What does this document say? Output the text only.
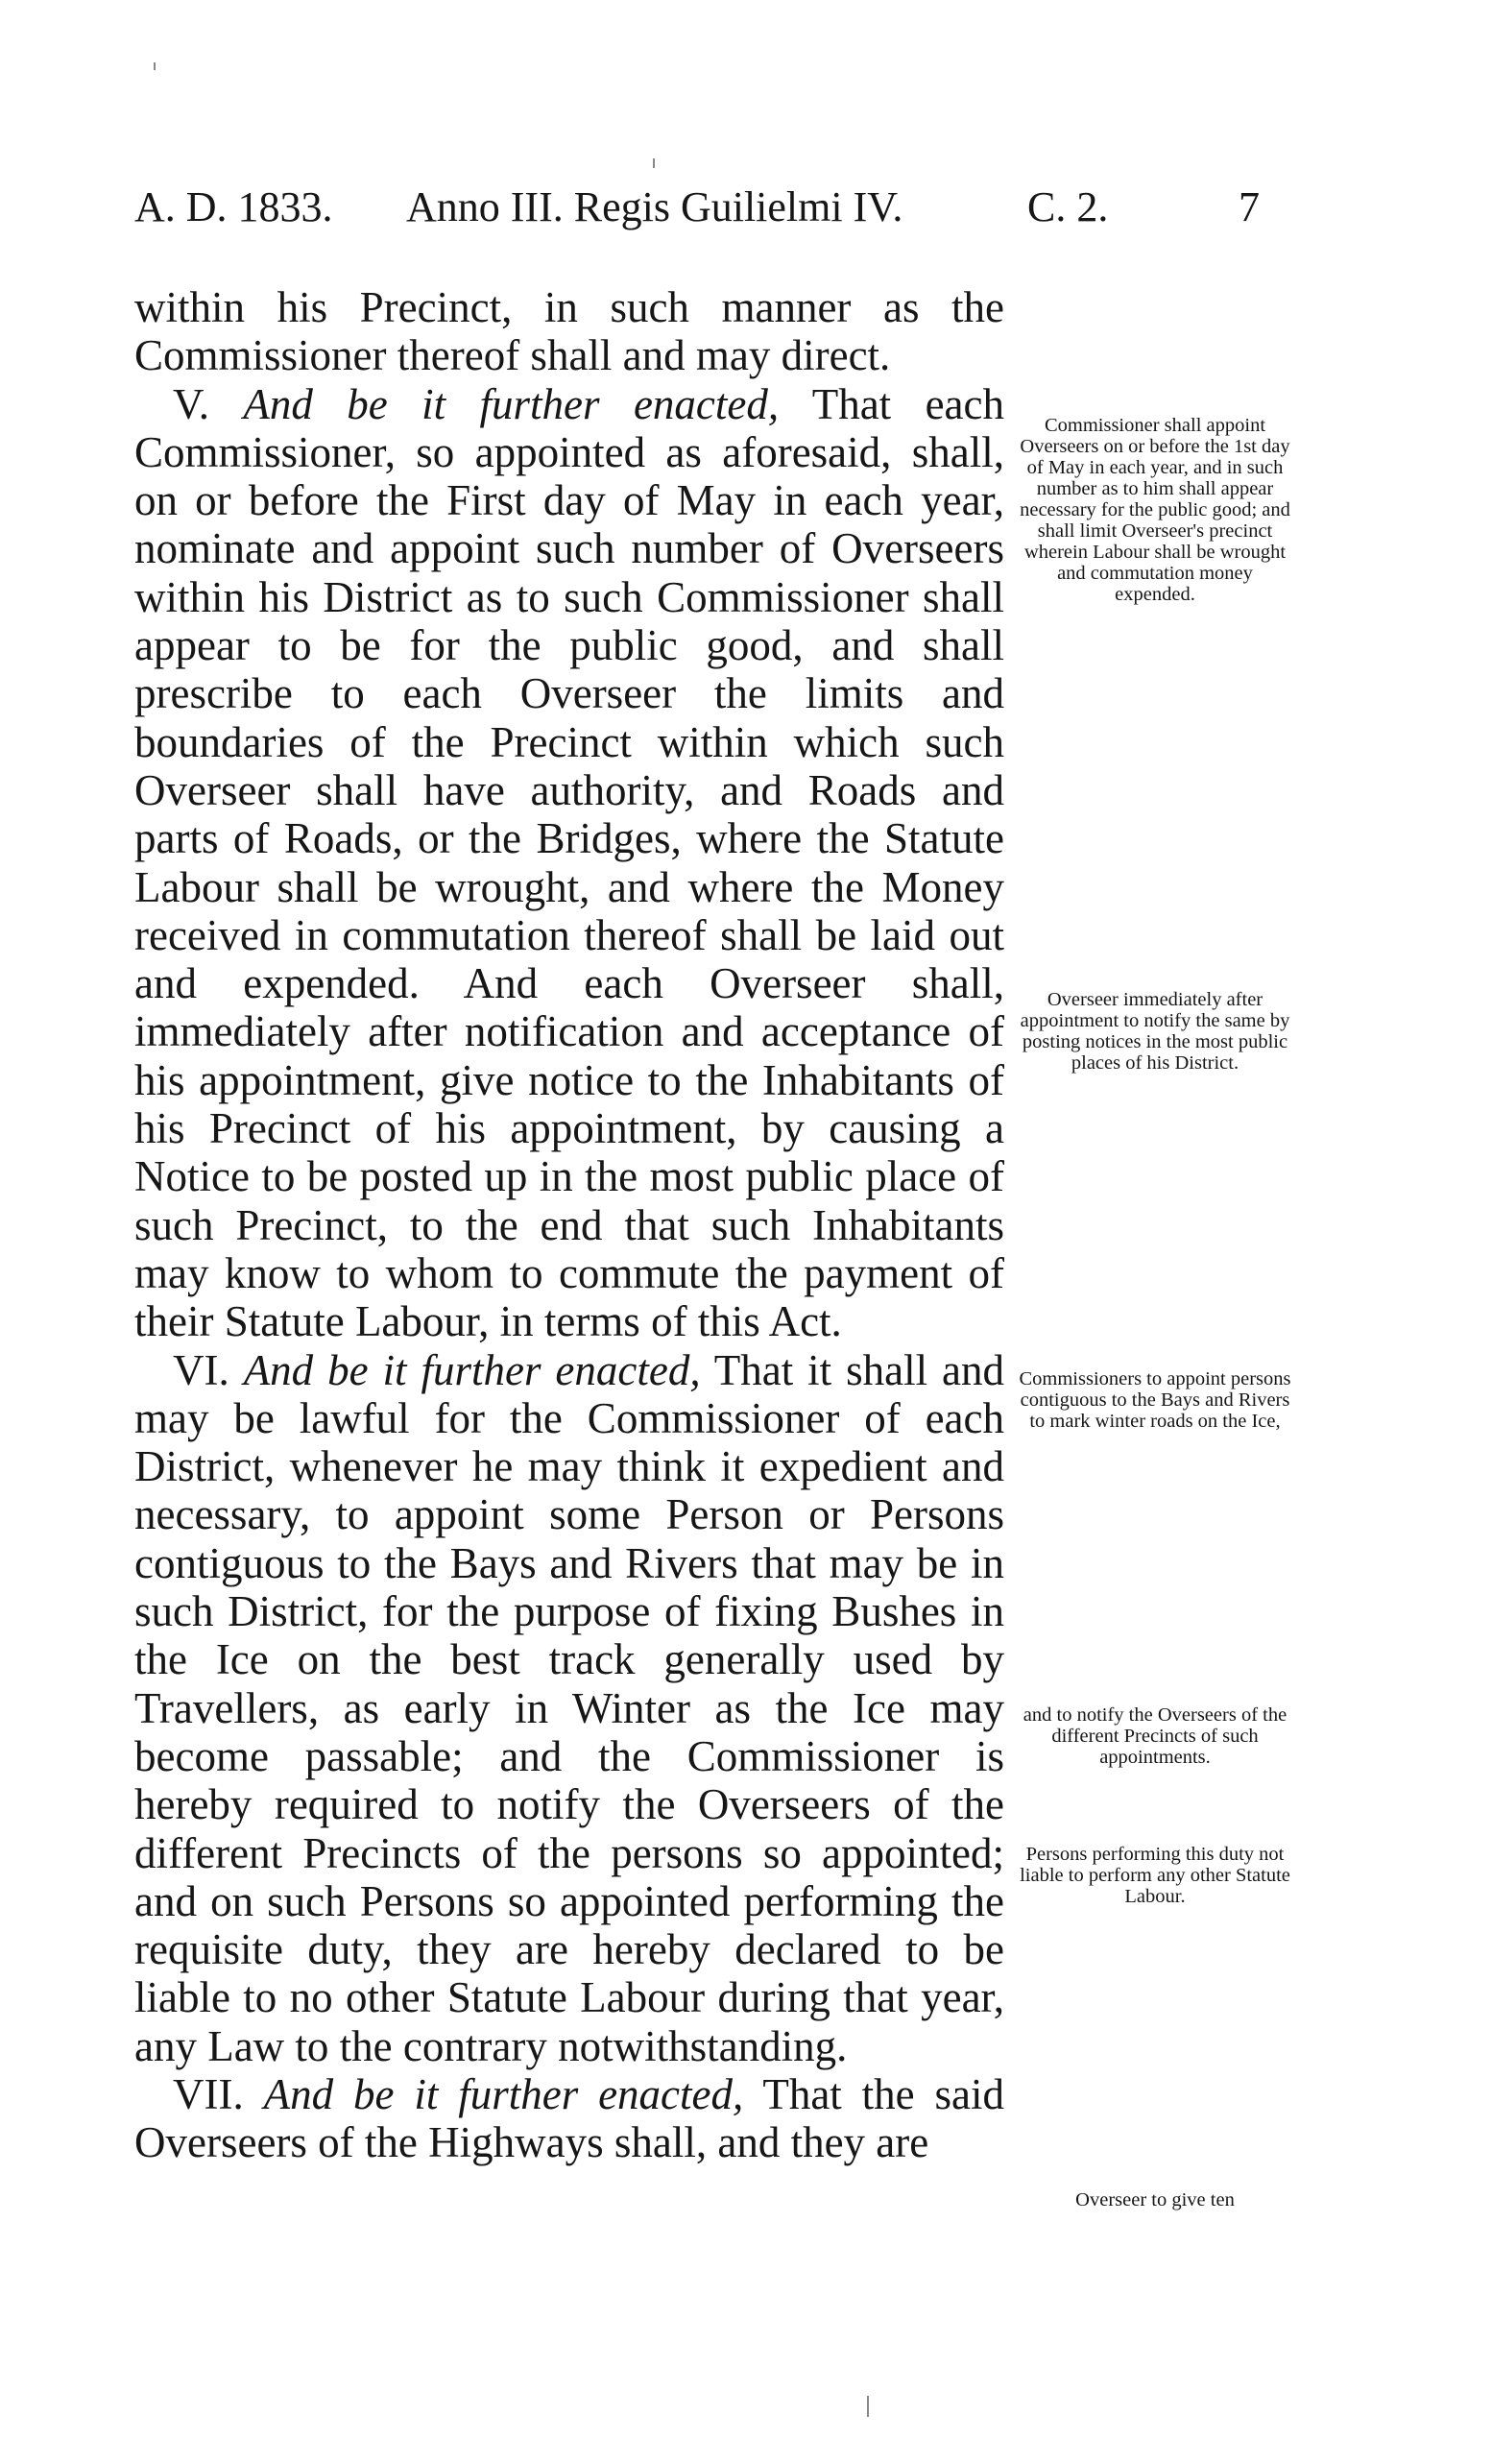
A. D. 1833. Anno III. Regis Guilielmi IV.	C. 2.	7

within his Precinct, in such manner as the Commissioner thereof shall and may direct.

V. And be it further enacted, That each Commissioner, so appointed as aforesaid, shall, on or before the First day of May in each year, nominate and appoint such number of Overseers within his District as to such Commissioner shall appear to be for the public good, and shall prescribe to each Overseer the limits and boundaries of the Precinct within which such Overseer shall have authority, and Roads and parts of Roads, or the Bridges, where the Statute Labour shall be wrought, and where the Money received in commutation thereof shall be laid out and expended. And each Overseer shall, immediately after notification and acceptance of his appointment, give notice to the Inhabitants of his Precinct of his appointment, by causing a Notice to be posted up in the most public place of such Precinct, to the end that such Inhabitants may know to whom to commute the payment of their Statute Labour, in terms of this Act.

VI. And be it further enacted, That it shall and may be lawful for the Commissioner of each District, whenever he may think it expedient and necessary, to appoint some Person or Persons contiguous to the Bays and Rivers that may be in such District, for the purpose of fixing Bushes in the Ice on the best track generally used by Travellers, as early in Winter as the Ice may become passable; and the Commissioner is hereby required to notify the Overseers of the different Precincts of the persons so appointed; and on such Persons so appointed performing the requisite duty, they are hereby declared to be liable to no other Statute Labour during that year, any Law to the contrary notwithstanding.

VII. And be it further enacted, That the said Overseers of the Highways shall, and they are

Commissioner shall appoint Overseers on or before the 1st day of May in each year, and in such number as to him shall appear necessary for the public good; and shall limit Overseer's precinct wherein Labour shall be wrought and commutation money expended.
Overseer immediately after appointment to notify the same by posting notices in the most public places of his District.
Commissioners to appoint persons contiguous to the Bays and Rivers to mark winter roads on the Ice,
and to notify the Overseers of the different Precincts of such appointments.
Persons performing this duty not liable to perform any other Statute Labour.
Overseer to give ten
